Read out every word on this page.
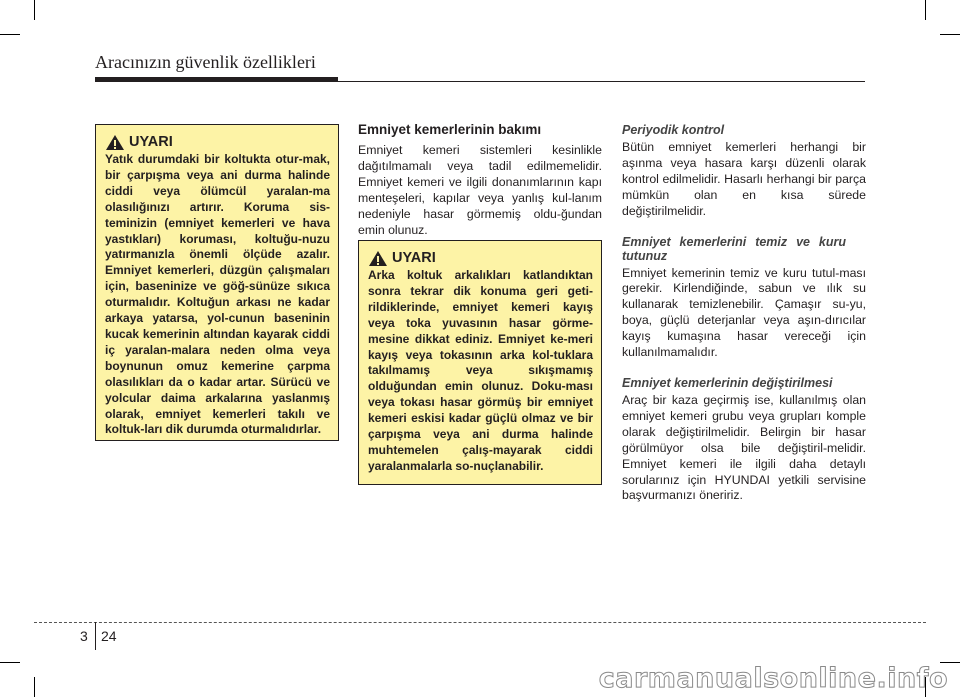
Aracınızın güvenlik özellikleri
UYARI
Yatık durumdaki bir koltukta otur-mak, bir çarpışma veya ani durma halinde ciddi veya ölümcül yaralan-ma olasılığınızı artırır. Koruma sis-teminizin (emniyet kemerleri ve hava yastıkları) koruması, koltuğu-nuzu yatırmanızla önemli ölçüde azalır. Emniyet kemerleri, düzgün çalışmaları için, baseninize ve göğ-sünüze sıkıca oturmalıdır. Koltuğun arkası ne kadar arkaya yatarsa, yol-cunun baseninin kucak kemerinin altından kayarak ciddi iç yaralan-malara neden olma veya boynunun omuz kemerine çarpma olasılıkları da o kadar artar. Sürücü ve yolcular daima arkalarına yaslanmış olarak, emniyet kemerleri takılı ve koltuk-ları dik durumda oturmalıdırlar.
Emniyet kemerlerinin bakımı
Emniyet kemeri sistemleri kesinlikle dağıtılmamalı veya tadil edilmemelidir. Emniyet kemeri ve ilgili donanımlarının kapı menteşeleri, kapılar veya yanlış kul-lanım nedeniyle hasar görmemiş oldu-ğundan emin olunuz.
UYARI
Arka koltuk arkalıkları katlandıktan sonra tekrar dik konuma geri geti-rildiklerinde, emniyet kemeri kayış veya toka yuvasının hasar görme-mesine dikkat ediniz. Emniyet ke-meri kayış veya tokasının arka kol-tuklara takılmamış veya sıkışmamış olduğundan emin olunuz. Doku-ması veya tokası hasar görmüş bir emniyet kemeri eskisi kadar güçlü olmaz ve bir çarpışma veya ani durma halinde muhtemelen çalış-mayarak ciddi yaralanmalarla so-nuçlanabilir.
Periyodik kontrol

Bütün emniyet kemerleri herhangi bir aşınma veya hasara karşı düzenli olarak kontrol edilmelidir. Hasarlı herhangi bir parça mümkün olan en kısa sürede değiştirilmelidir.

Emniyet kemerlerini temiz ve kuru tutunuz

Emniyet kemerinin temiz ve kuru tutul-ması gerekir. Kirlendiğinde, sabun ve ılık su kullanarak temizlenebilir. Çamaşır su-yu, boya, güçlü deterjanlar veya aşın-dırıcılar kayış kumaşına hasar vereceği için kullanılmamalıdır.

Emniyet kemerlerinin değiştirilmesi

Araç bir kaza geçirmiş ise, kullanılmış olan emniyet kemeri grubu veya grupları komple olarak değiştirilmelidir. Belirgin bir hasar görülmüyor olsa bile değiştiril-melidir. Emniyet kemeri ile ilgili daha detaylı sorularınız için HYUNDAI yetkili servisine başvurmanızı öneririz.

3 24
carmanualsonline.info
